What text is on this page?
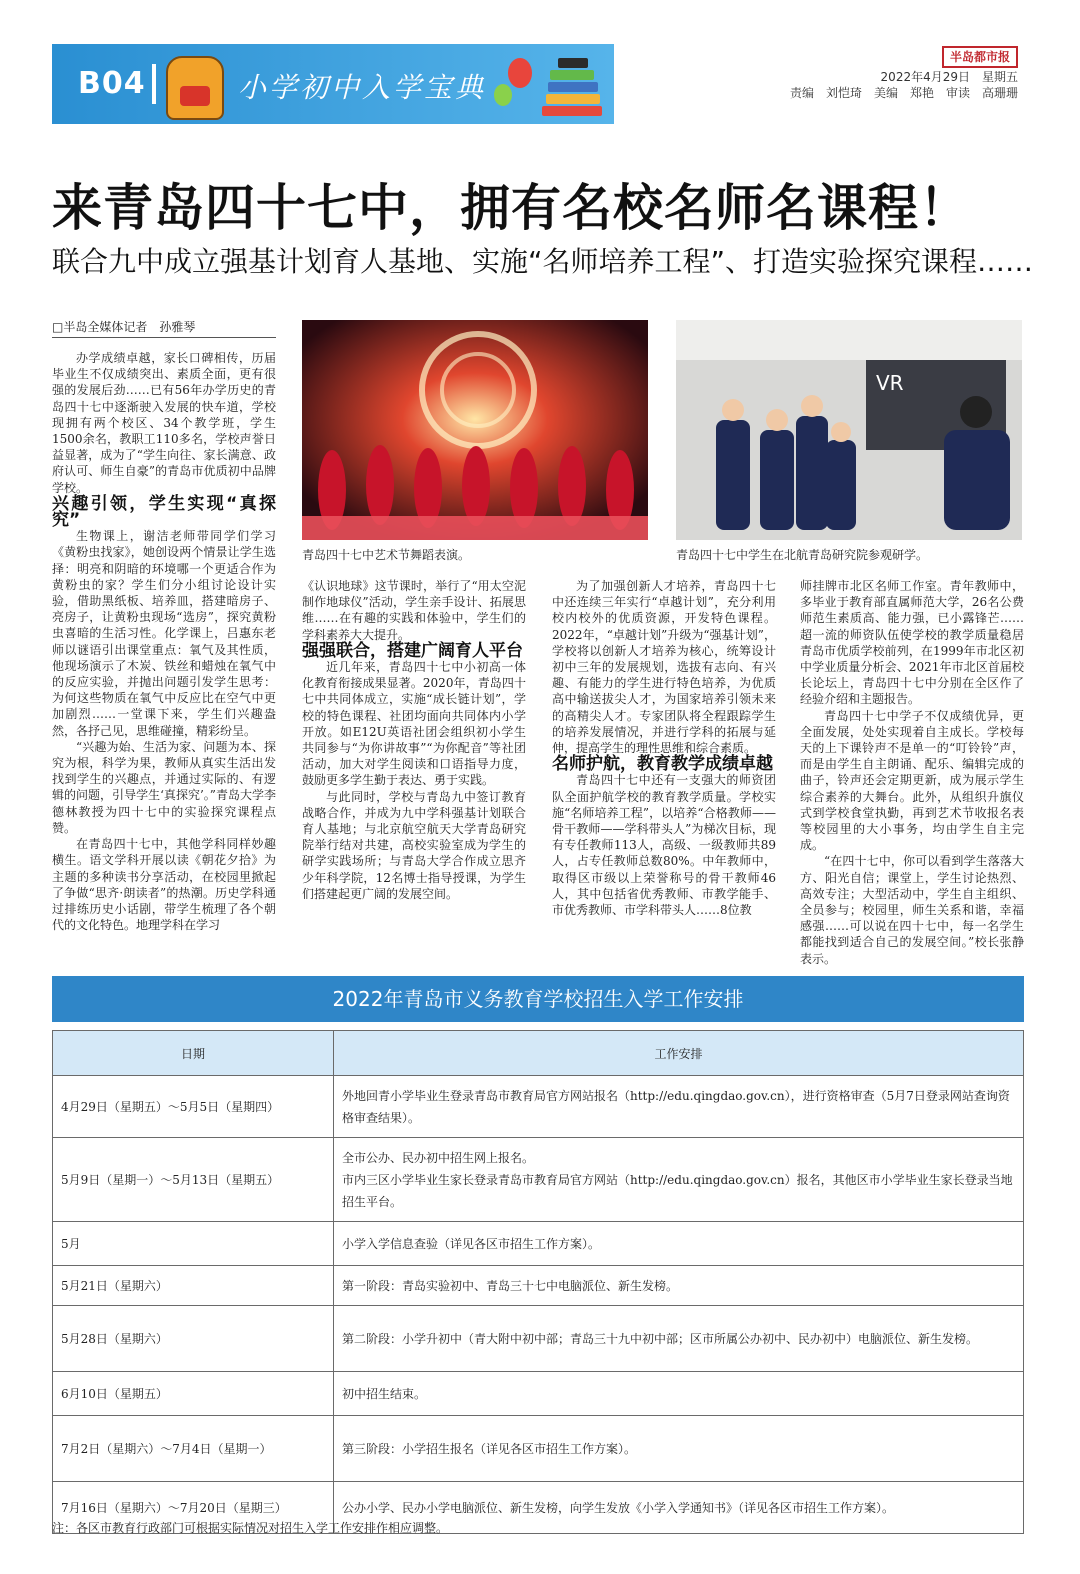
B04	小学初中入学宝典
半岛都市报
2022年4月29日　星期五
责编　刘恺琦　美编　郑艳　审读　高珊珊
来青岛四十七中，拥有名校名师名课程！
联合九中成立强基计划育人基地、实施“名师培养工程”、打造实验探究课程……
□半岛全媒体记者　孙雅琴

办学成绩卓越，家长口碑相传，历届毕业生不仅成绩突出、素质全面，更有很强的发展后劲……已有56年办学历史的青岛四十七中逐渐驶入发展的快车道，学校现拥有两个校区、34个教学班，学生1500余名，教职工110多名，学校声誉日益显著，成为了“学生向往、家长满意、政府认可、师生自豪”的青岛市优质初中品牌学校。

兴趣引领，学生实现“真探究”

生物课上，谢洁老师带同学们学习《黄粉虫找家》，她创设两个情景让学生选择：明亮和阴暗的环境哪一个更适合作为黄粉虫的家？学生们分小组讨论设计实验，借助黑纸板、培养皿，搭建暗房子、亮房子，让黄粉虫现场“选房”，探究黄粉虫喜暗的生活习性。化学课上，吕惠东老师以谜语引出课堂重点：氧气及其性质，他现场演示了木炭、铁丝和蜡烛在氧气中的反应实验，并抛出问题引发学生思考：为何这些物质在氧气中反应比在空气中更加剧烈……一堂课下来，学生们兴趣盎然，各抒己见，思维碰撞，精彩纷呈。

“兴趣为始、生活为家、问题为本、探究为根，科学为果，教师从真实生活出发找到学生的兴趣点，并通过实际的、有逻辑的问题，引导学生‘真探究’。”青岛大学李德林教授为四十七中的实验探究课程点赞。

在青岛四十七中，其他学科同样妙趣横生。语文学科开展以读《朝花夕拾》为主题的多种读书分享活动，在校园里掀起了争做“思齐·朗读者”的热潮。历史学科通过排练历史小话剧，带学生梳理了各个朝代的文化特色。地理学科在学习

青岛四十七中艺术节舞蹈表演。
VR
青岛四十七中学生在北航青岛研究院参观研学。

《认识地球》这节课时，举行了“用太空泥制作地球仪”活动，学生亲手设计、拓展思维……在有趣的实践和体验中，学生们的学科素养大大提升。

强强联合，搭建广阔育人平台

近几年来，青岛四十七中小初高一体化教育衔接成果显著。2020年，青岛四十七中共同体成立，实施“成长链计划”，学校的特色课程、社团均面向共同体内小学开放。如E12U英语社团会组织初小学生共同参与“为你讲故事”“为你配音”等社团活动，加大对学生阅读和口语指导力度，鼓励更多学生勤于表达、勇于实践。

与此同时，学校与青岛九中签订教育战略合作，并成为九中学科强基计划联合育人基地；与北京航空航天大学青岛研究院举行结对共建，高校实验室成为学生的研学实践场所；与青岛大学合作成立思齐少年科学院，12名博士指导授课，为学生们搭建起更广阔的发展空间。

为了加强创新人才培养，青岛四十七中还连续三年实行“卓越计划”，充分利用校内校外的优质资源，开发特色课程。2022年，“卓越计划”升级为“强基计划”，学校将以创新人才培养为核心，统筹设计初中三年的发展规划，选拔有志向、有兴趣、有能力的学生进行特色培养，为优质高中输送拔尖人才，为国家培养引领未来的高精尖人才。专家团队将全程跟踪学生的培养发展情况，并进行学科的拓展与延伸，提高学生的理性思维和综合素质。

名师护航，教育教学成绩卓越

青岛四十七中还有一支强大的师资团队全面护航学校的教育教学质量。学校实施“名师培养工程”，以培养“合格教师——骨干教师——学科带头人”为梯次目标，现有专任教师113人，高级、一级教师共89人，占专任教师总数80%。中年教师中，取得区市级以上荣誉称号的骨干教师46人，其中包括省优秀教师、市教学能手、市优秀教师、市学科带头人……8位教

师挂牌市北区名师工作室。青年教师中，多毕业于教育部直属师范大学，26名公费师范生素质高、能力强，已小露锋芒……超一流的师资队伍使学校的教学质量稳居青岛市优质学校前列，在1999年市北区初中学业质量分析会、2021年市北区首届校长论坛上，青岛四十七中分别在全区作了经验介绍和主题报告。

青岛四十七中学子不仅成绩优异，更全面发展，处处实现着自主成长。学校每天的上下课铃声不是单一的“叮铃铃”声，而是由学生自主朗诵、配乐、编辑完成的曲子，铃声还会定期更新，成为展示学生综合素养的大舞台。此外，从组织升旗仪式到学校食堂执勤，再到艺术节收报名表等校园里的大小事务，均由学生自主完成。

“在四十七中，你可以看到学生落落大方、阳光自信；课堂上，学生讨论热烈、高效专注；大型活动中，学生自主组织、全员参与；校园里，师生关系和谐，幸福感强……可以说在四十七中，每一名学生都能找到适合自己的发展空间。”校长张静表示。

2022年青岛市义务教育学校招生入学工作安排
日期	工作安排
4月29日（星期五）～5月5日（星期四）	外地回青小学毕业生登录青岛市教育局官方网站报名（http://edu.qingdao.gov.cn），进行资格审查（5月7日登录网站查询资格审查结果）。
5月9日（星期一）～5月13日（星期五）	全市公办、民办初中招生网上报名。
市内三区小学毕业生家长登录青岛市教育局官方网站（http://edu.qingdao.gov.cn）报名，其他区市小学毕业生家长登录当地招生平台。
5月	小学入学信息查验（详见各区市招生工作方案）。
5月21日（星期六）	第一阶段：青岛实验初中、青岛三十七中电脑派位、新生发榜。
5月28日（星期六）	第二阶段：小学升初中（青大附中初中部；青岛三十九中初中部；区市所属公办初中、民办初中）电脑派位、新生发榜。
6月10日（星期五）	初中招生结束。
7月2日（星期六）～7月4日（星期一）	第三阶段：小学招生报名（详见各区市招生工作方案）。
7月16日（星期六）～7月20日（星期三）	公办小学、民办小学电脑派位、新生发榜，向学生发放《小学入学通知书》（详见各区市招生工作方案）。
注：各区市教育行政部门可根据实际情况对招生入学工作安排作相应调整。
